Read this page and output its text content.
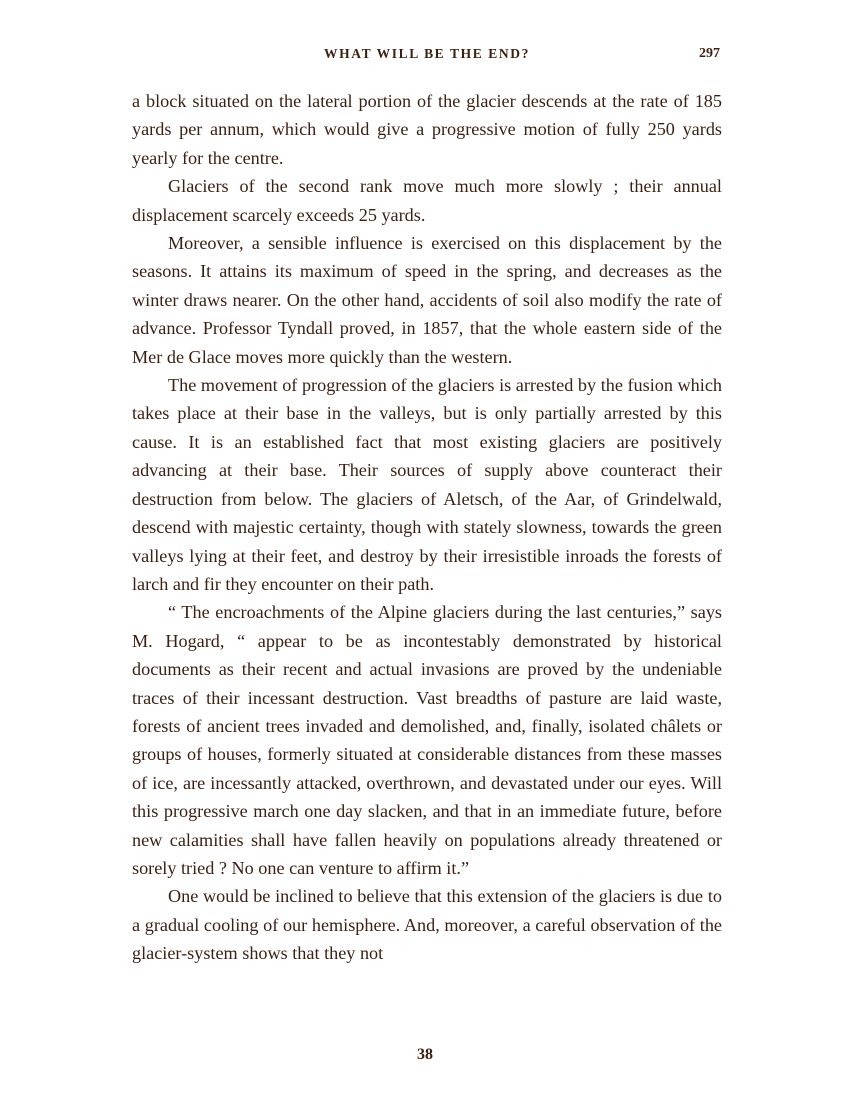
WHAT WILL BE THE END?	297

a block situated on the lateral portion of the glacier descends at the rate of 185 yards per annum, which would give a progressive motion of fully 250 yards yearly for the centre.

Glaciers of the second rank move much more slowly ; their annual displacement scarcely exceeds 25 yards.

Moreover, a sensible influence is exercised on this displacement by the seasons. It attains its maximum of speed in the spring, and decreases as the winter draws nearer. On the other hand, accidents of soil also modify the rate of advance. Professor Tyndall proved, in 1857, that the whole eastern side of the Mer de Glace moves more quickly than the western.

The movement of progression of the glaciers is arrested by the fusion which takes place at their base in the valleys, but is only partially arrested by this cause. It is an established fact that most existing glaciers are positively advancing at their base. Their sources of supply above counteract their destruction from below. The glaciers of Aletsch, of the Aar, of Grindelwald, descend with majestic certainty, though with stately slowness, towards the green valleys lying at their feet, and destroy by their irresistible inroads the forests of larch and fir they encounter on their path.

“ The encroachments of the Alpine glaciers during the last centuries,” says M. Hogard, “ appear to be as incontestably demonstrated by historical documents as their recent and actual invasions are proved by the undeniable traces of their incessant destruction. Vast breadths of pasture are laid waste, forests of ancient trees invaded and demolished, and, finally, isolated châlets or groups of houses, formerly situated at considerable distances from these masses of ice, are incessantly attacked, overthrown, and devastated under our eyes. Will this progressive march one day slacken, and that in an immediate future, before new calamities shall have fallen heavily on populations already threatened or sorely tried ? No one can venture to affirm it.”

One would be inclined to believe that this extension of the glaciers is due to a gradual cooling of our hemisphere. And, moreover, a careful observation of the glacier-system shows that they not

38
